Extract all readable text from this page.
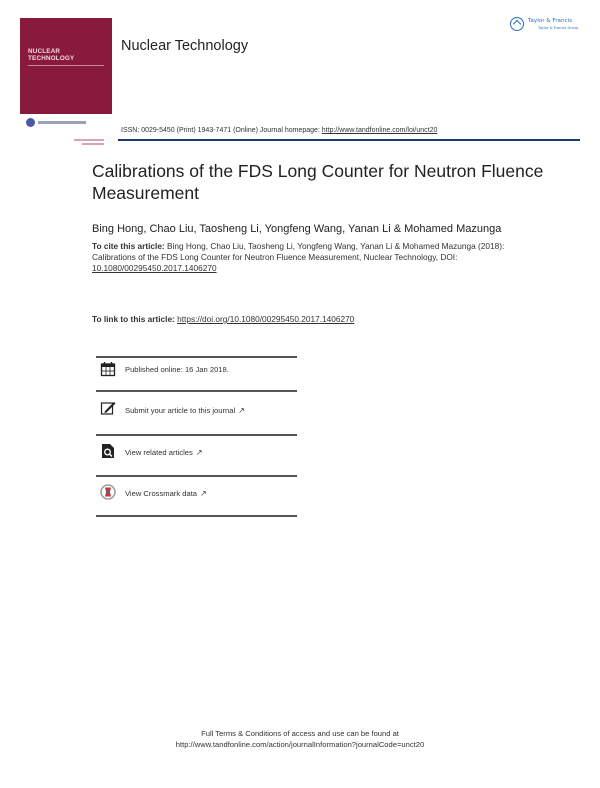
NUCLEAR
TECHNOLOGY
Nuclear Technology
Taylor & Francis
Taylor & Francis Group
ISSN: 0029-5450 (Print) 1943-7471 (Online) Journal homepage: http://www.tandfonline.com/loi/unct20
Calibrations of the FDS Long Counter for Neutron Fluence Measurement
Bing Hong, Chao Liu, Taosheng Li, Yongfeng Wang, Yanan Li & Mohamed Mazunga
To cite this article: Bing Hong, Chao Liu, Taosheng Li, Yongfeng Wang, Yanan Li & Mohamed Mazunga (2018): Calibrations of the FDS Long Counter for Neutron Fluence Measurement, Nuclear Technology, DOI: 10.1080/00295450.2017.1406270
To link to this article: https://doi.org/10.1080/00295450.2017.1406270
Published online: 16 Jan 2018.
Submit your article to this journal ↗
View related articles ↗
View Crossmark data ↗
Full Terms & Conditions of access and use can be found at
http://www.tandfonline.com/action/journalInformation?journalCode=unct20
